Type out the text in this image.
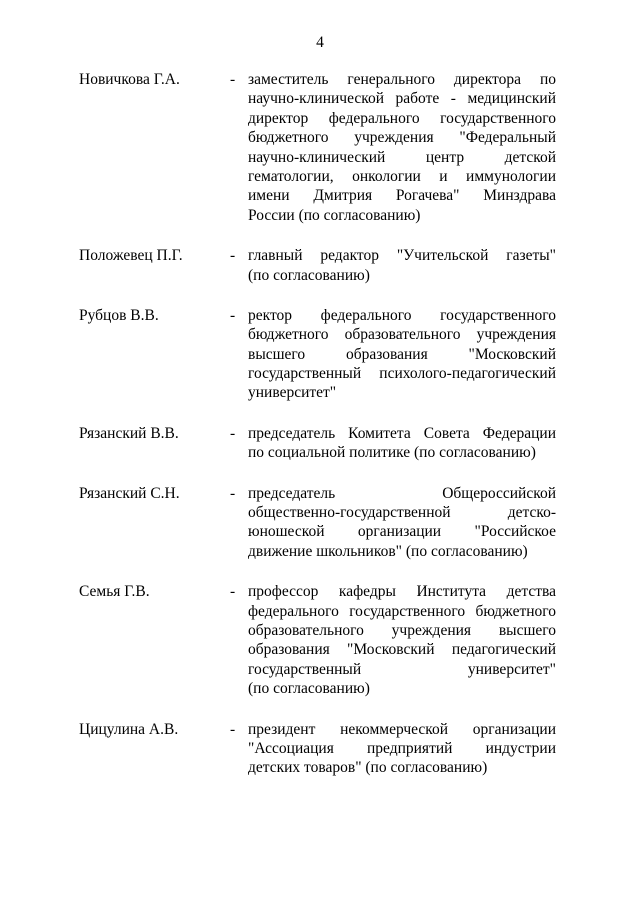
4
Новичкова Г.А.	- заместитель генерального директора по
научно-клинической работе - медицинский
директор федерального государственного
бюджетного учреждения "Федеральный
научно-клинический центр детской
гематологии, онкологии и иммунологии
имени Дмитрия Рогачева" Минздрава
России (по согласованию)
Положевец П.Г.	- главный редактор "Учительской газеты"
(по согласованию)
Рубцов В.В.	- ректор федерального государственного
бюджетного образовательного учреждения
высшего образования "Московский
государственный психолого-педагогический
университет"
Рязанский В.В.	- председатель Комитета Совета Федерации
по социальной политике (по согласованию)
Рязанский С.Н.	- председатель Общероссийской
общественно-государственной детско-
юношеской организации "Российское
движение школьников" (по согласованию)
Семья Г.В.	- профессор кафедры Института детства
федерального государственного бюджетного
образовательного учреждения высшего
образования "Московский педагогический
государственный университет"
(по согласованию)
Цицулина А.В.	- президент некоммерческой организации
"Ассоциация предприятий индустрии
детских товаров" (по согласованию)
